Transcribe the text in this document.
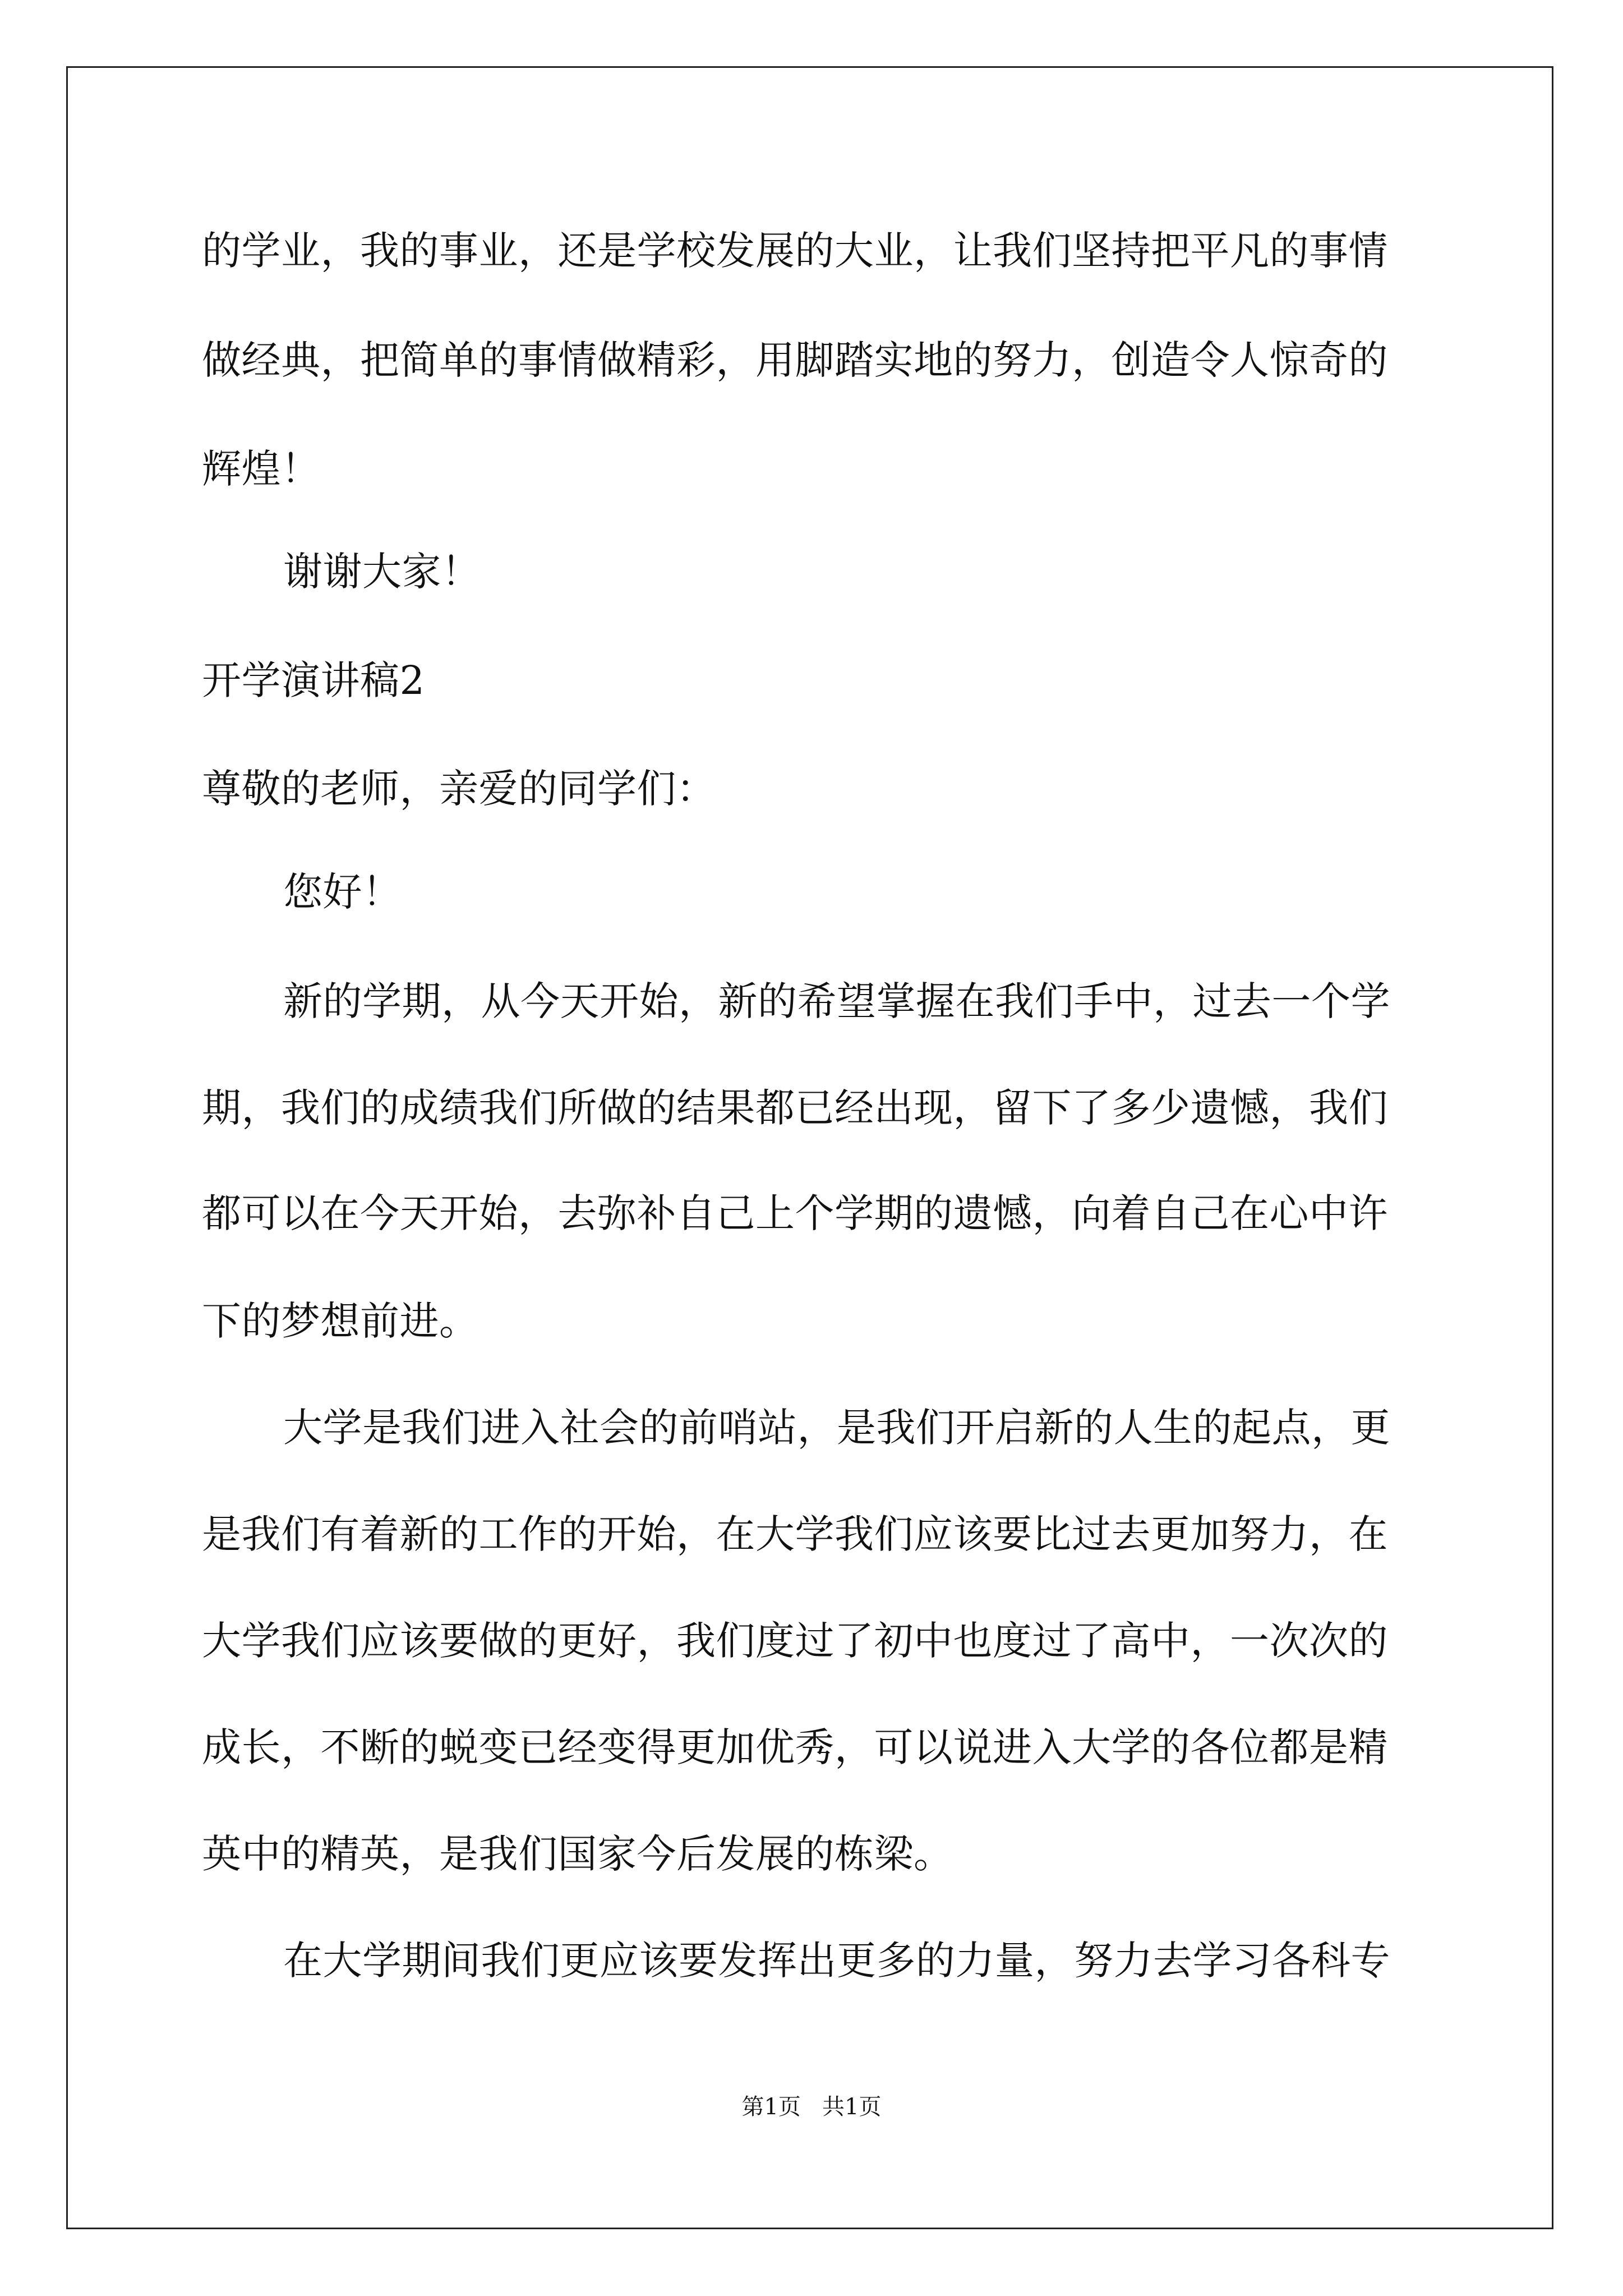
的学业，我的事业，还是学校发展的大业，让我们坚持把平凡的事情
做经典，把简单的事情做精彩，用脚踏实地的努力，创造令人惊奇的
辉煌！
谢谢大家！
开学演讲稿2
尊敬的老师，亲爱的同学们：
您好！
新的学期，从今天开始，新的希望掌握在我们手中，过去一个学
期，我们的成绩我们所做的结果都已经出现，留下了多少遗憾，我们
都可以在今天开始，去弥补自己上个学期的遗憾，向着自己在心中许
下的梦想前进。
大学是我们进入社会的前哨站，是我们开启新的人生的起点，更
是我们有着新的工作的开始，在大学我们应该要比过去更加努力，在
大学我们应该要做的更好，我们度过了初中也度过了高中，一次次的
成长，不断的蜕变已经变得更加优秀，可以说进入大学的各位都是精
英中的精英，是我们国家今后发展的栋梁。
在大学期间我们更应该要发挥出更多的力量，努力去学习各科专
第1页   共1页
